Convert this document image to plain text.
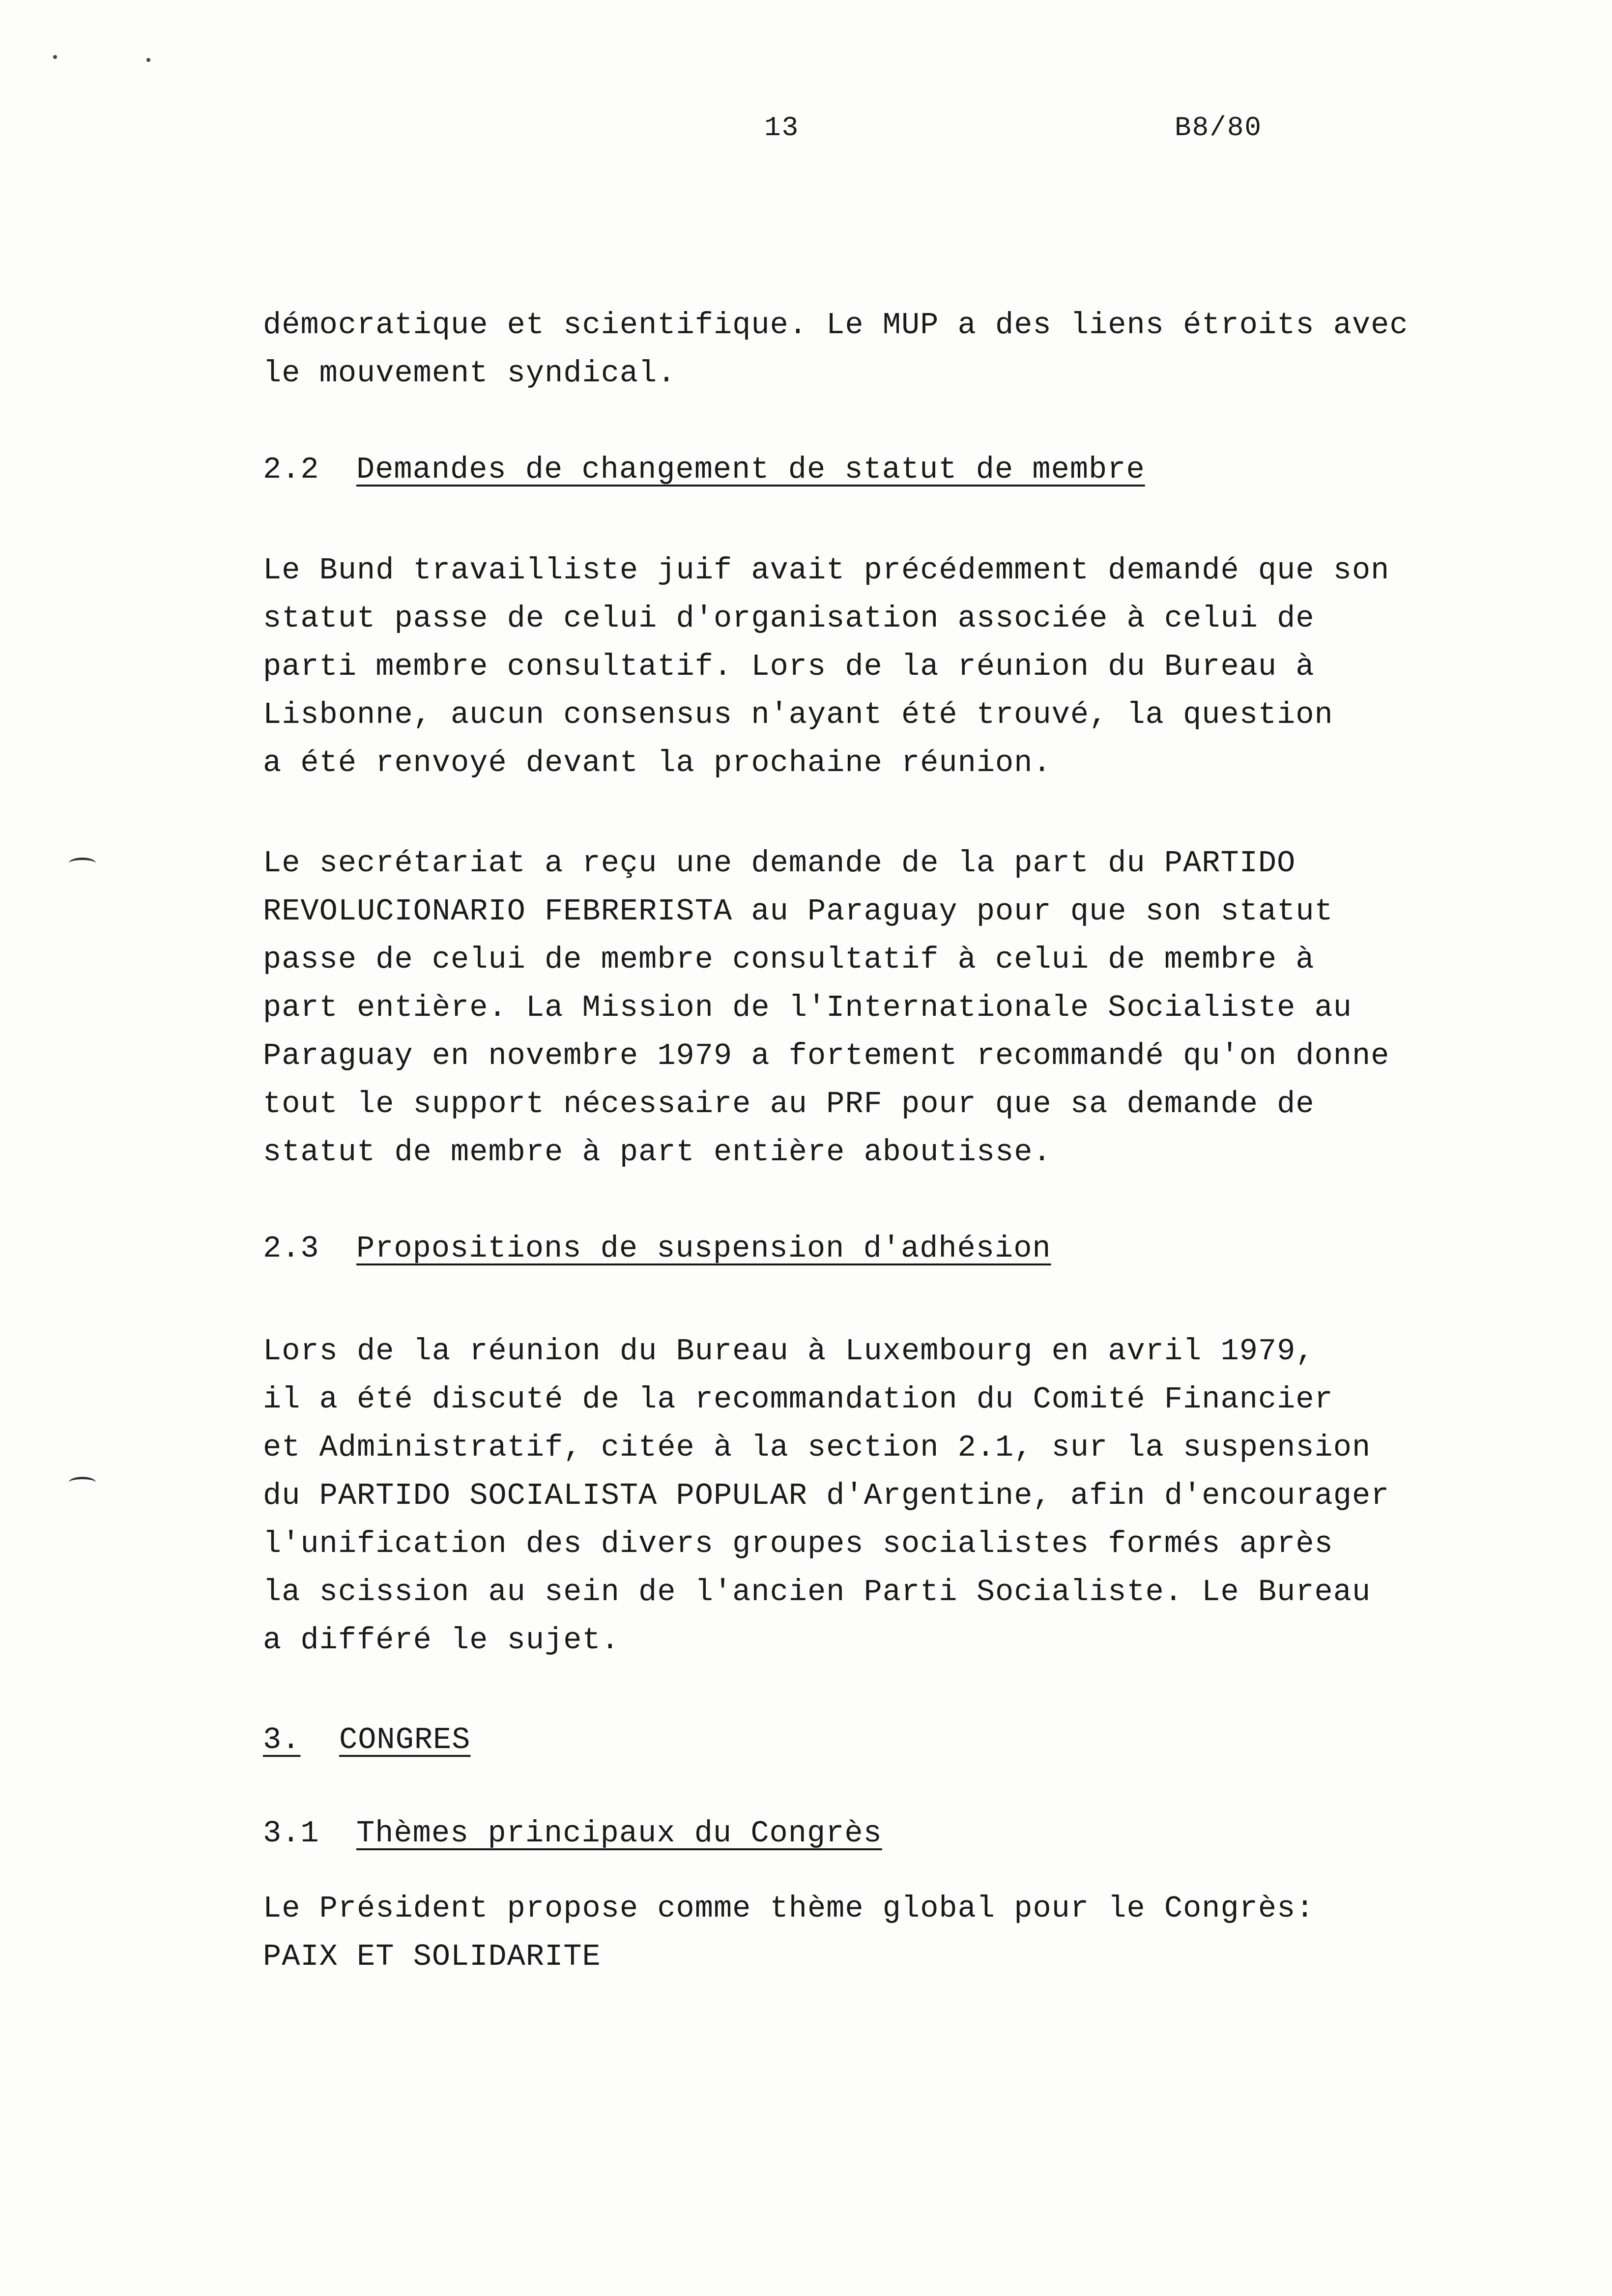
13	B8/80
démocratique et scientifique. Le MUP a des liens étroits avec
le mouvement syndical.
2.2 Demandes de changement de statut de membre
Le Bund travailliste juif avait précédemment demandé que son
statut passe de celui d'organisation associée à celui de
parti membre consultatif. Lors de la réunion du Bureau à
Lisbonne, aucun consensus n'ayant été trouvé, la question
a été renvoyé devant la prochaine réunion.
Le secrétariat a reçu une demande de la part du PARTIDO
REVOLUCIONARIO FEBRERISTA au Paraguay pour que son statut
passe de celui de membre consultatif à celui de membre à
part entière. La Mission de l'Internationale Socialiste au
Paraguay en novembre 1979 a fortement recommandé qu'on donne
tout le support nécessaire au PRF pour que sa demande de
statut de membre à part entière aboutisse.
2.3 Propositions de suspension d'adhésion
Lors de la réunion du Bureau à Luxembourg en avril 1979,
il a été discuté de la recommandation du Comité Financier
et Administratif, citée à la section 2.1, sur la suspension
du PARTIDO SOCIALISTA POPULAR d'Argentine, afin d'encourager
l'unification des divers groupes socialistes formés après
la scission au sein de l'ancien Parti Socialiste. Le Bureau
a différé le sujet.
3. CONGRES
3.1 Thèmes principaux du Congrès
Le Président propose comme thème global pour le Congrès:
PAIX ET SOLIDARITE
